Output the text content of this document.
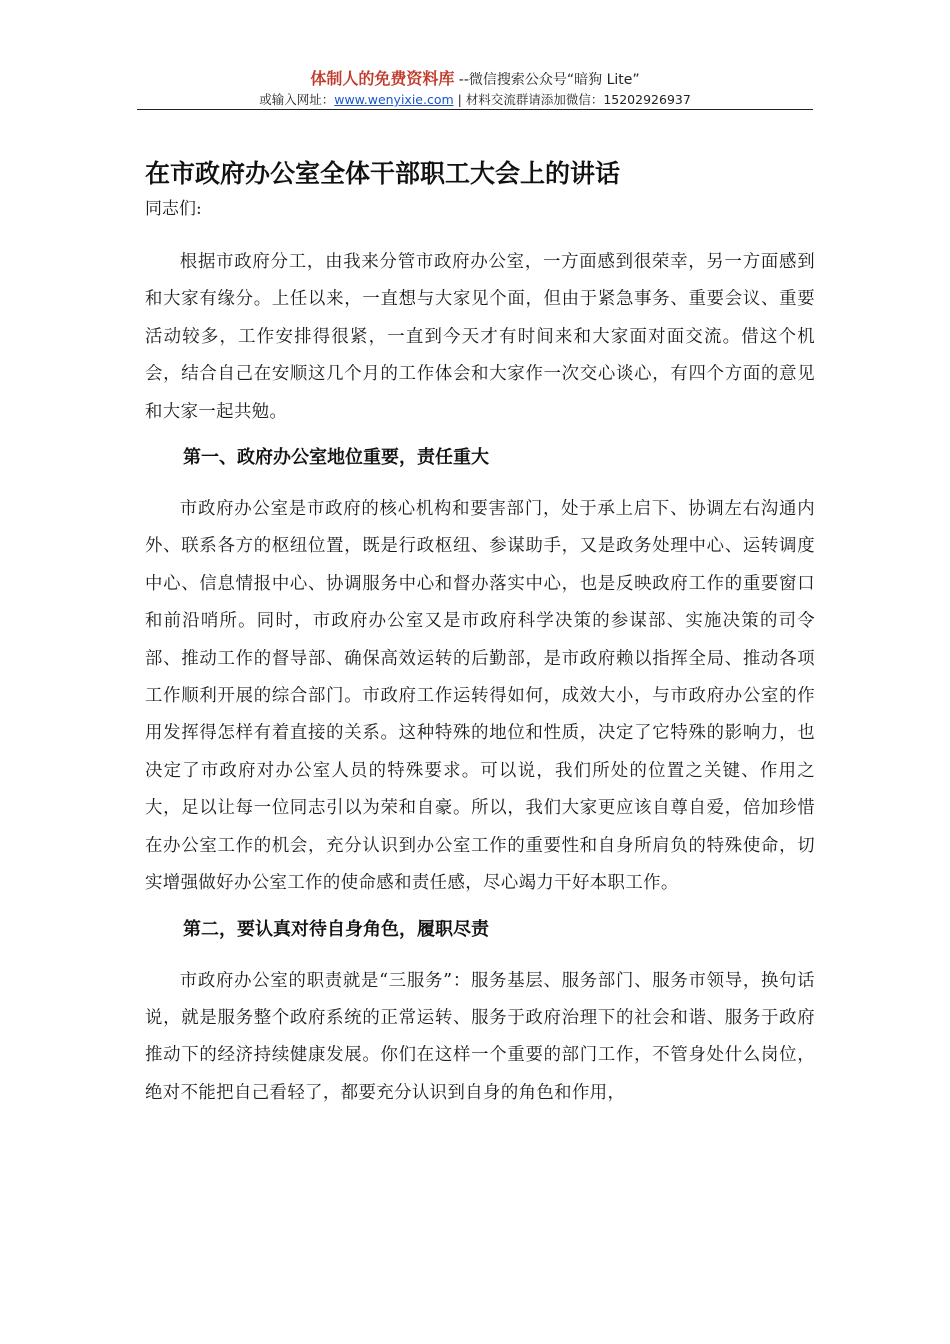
体制人的免费资料库 --微信搜索公众号“暗狗 Lite”
或输入网址：www.wenyixie.com | 材料交流群请添加微信：15202926937
在市政府办公室全体干部职工大会上的讲话

同志们:

根据市政府分工，由我来分管市政府办公室，一方面感到很荣幸，另一方面感到和大家有缘分。上任以来，一直想与大家见个面，但由于紧急事务、重要会议、重要活动较多，工作安排得很紧，一直到今天才有时间来和大家面对面交流。借这个机会，结合自己在安顺这几个月的工作体会和大家作一次交心谈心，有四个方面的意见和大家一起共勉。

第一、政府办公室地位重要，责任重大

市政府办公室是市政府的核心机构和要害部门，处于承上启下、协调左右沟通内外、联系各方的枢纽位置，既是行政枢纽、参谋助手，又是政务处理中心、运转调度中心、信息情报中心、协调服务中心和督办落实中心，也是反映政府工作的重要窗口和前沿哨所。同时，市政府办公室又是市政府科学决策的参谋部、实施决策的司令部、推动工作的督导部、确保高效运转的后勤部，是市政府赖以指挥全局、推动各项工作顺利开展的综合部门。市政府工作运转得如何，成效大小，与市政府办公室的作用发挥得怎样有着直接的关系。这种特殊的地位和性质，决定了它特殊的影响力，也决定了市政府对办公室人员的特殊要求。可以说，我们所处的位置之关键、作用之大，足以让每一位同志引以为荣和自豪。所以，我们大家更应该自尊自爱，倍加珍惜在办公室工作的机会，充分认识到办公室工作的重要性和自身所肩负的特殊使命，切实增强做好办公室工作的使命感和责任感，尽心竭力干好本职工作。

第二，要认真对待自身角色，履职尽责

市政府办公室的职责就是“三服务”：服务基层、服务部门、服务市领导，换句话说，就是服务整个政府系统的正常运转、服务于政府治理下的社会和谐、服务于政府推动下的经济持续健康发展。你们在这样一个重要的部门工作，不管身处什么岗位，绝对不能把自己看轻了，都要充分认识到自身的角色和作用，
